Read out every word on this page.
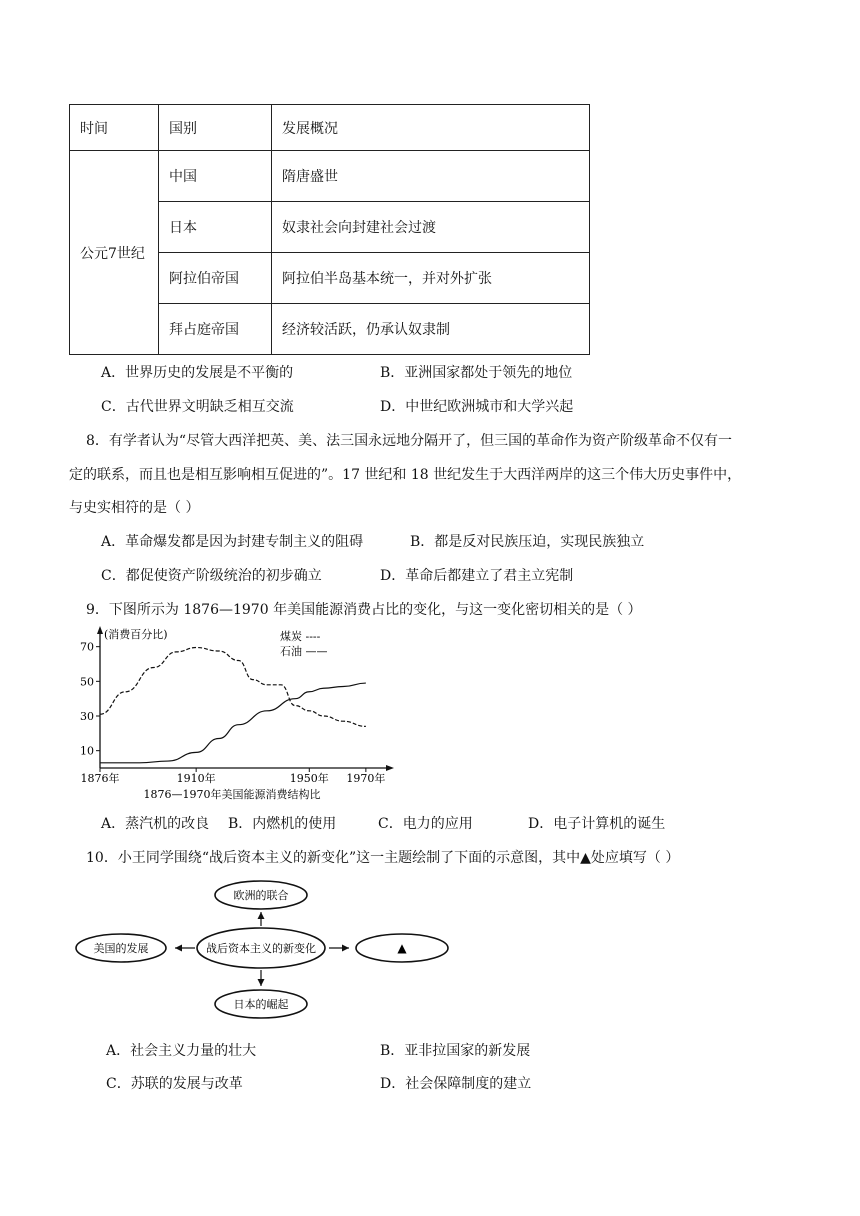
时间	国别	发展概况
公元7世纪	中国	隋唐盛世
	日本	奴隶社会向封建社会过渡
	阿拉伯帝国	阿拉伯半岛基本统一，并对外扩张
	拜占庭帝国	经济较活跃，仍承认奴隶制
A．世界历史的发展是不平衡的	B．亚洲国家都处于领先的地位
C．古代世界文明缺乏相互交流	D．中世纪欧洲城市和大学兴起
8．有学者认为“尽管大西洋把英、美、法三国永远地分隔开了，但三国的革命作为资产阶级革命不仅有一
定的联系，而且也是相互影响相互促进的”。17 世纪和 18 世纪发生于大西洋两岸的这三个伟大历史事件中，
与史实相符的是（ ）
A．革命爆发都是因为封建专制主义的阻碍	B．都是反对民族压迫，实现民族独立
C．都促使资产阶级统治的初步确立	D．革命后都建立了君主立宪制
9．下图所示为 1876—1970 年美国能源消费占比的变化，与这一变化密切相关的是（ ）
10
30
50
70
1876年	1910年	1950年 1970年
(消费百分比)
1876—1970年美国能源消费结构比
煤炭 ----
石油 ——
A．蒸汽机的改良 B．内燃机的使用	C．电力的应用	D．电子计算机的诞生
10．小王同学围绕“战后资本主义的新变化”这一主题绘制了下面的示意图，其中▲处应填写（ ）
欧洲的联合
战后资本主义的新变化
美国的发展
日本的崛起
▲
A．社会主义力量的壮大	B．亚非拉国家的新发展
C．苏联的发展与改革	D．社会保障制度的建立
